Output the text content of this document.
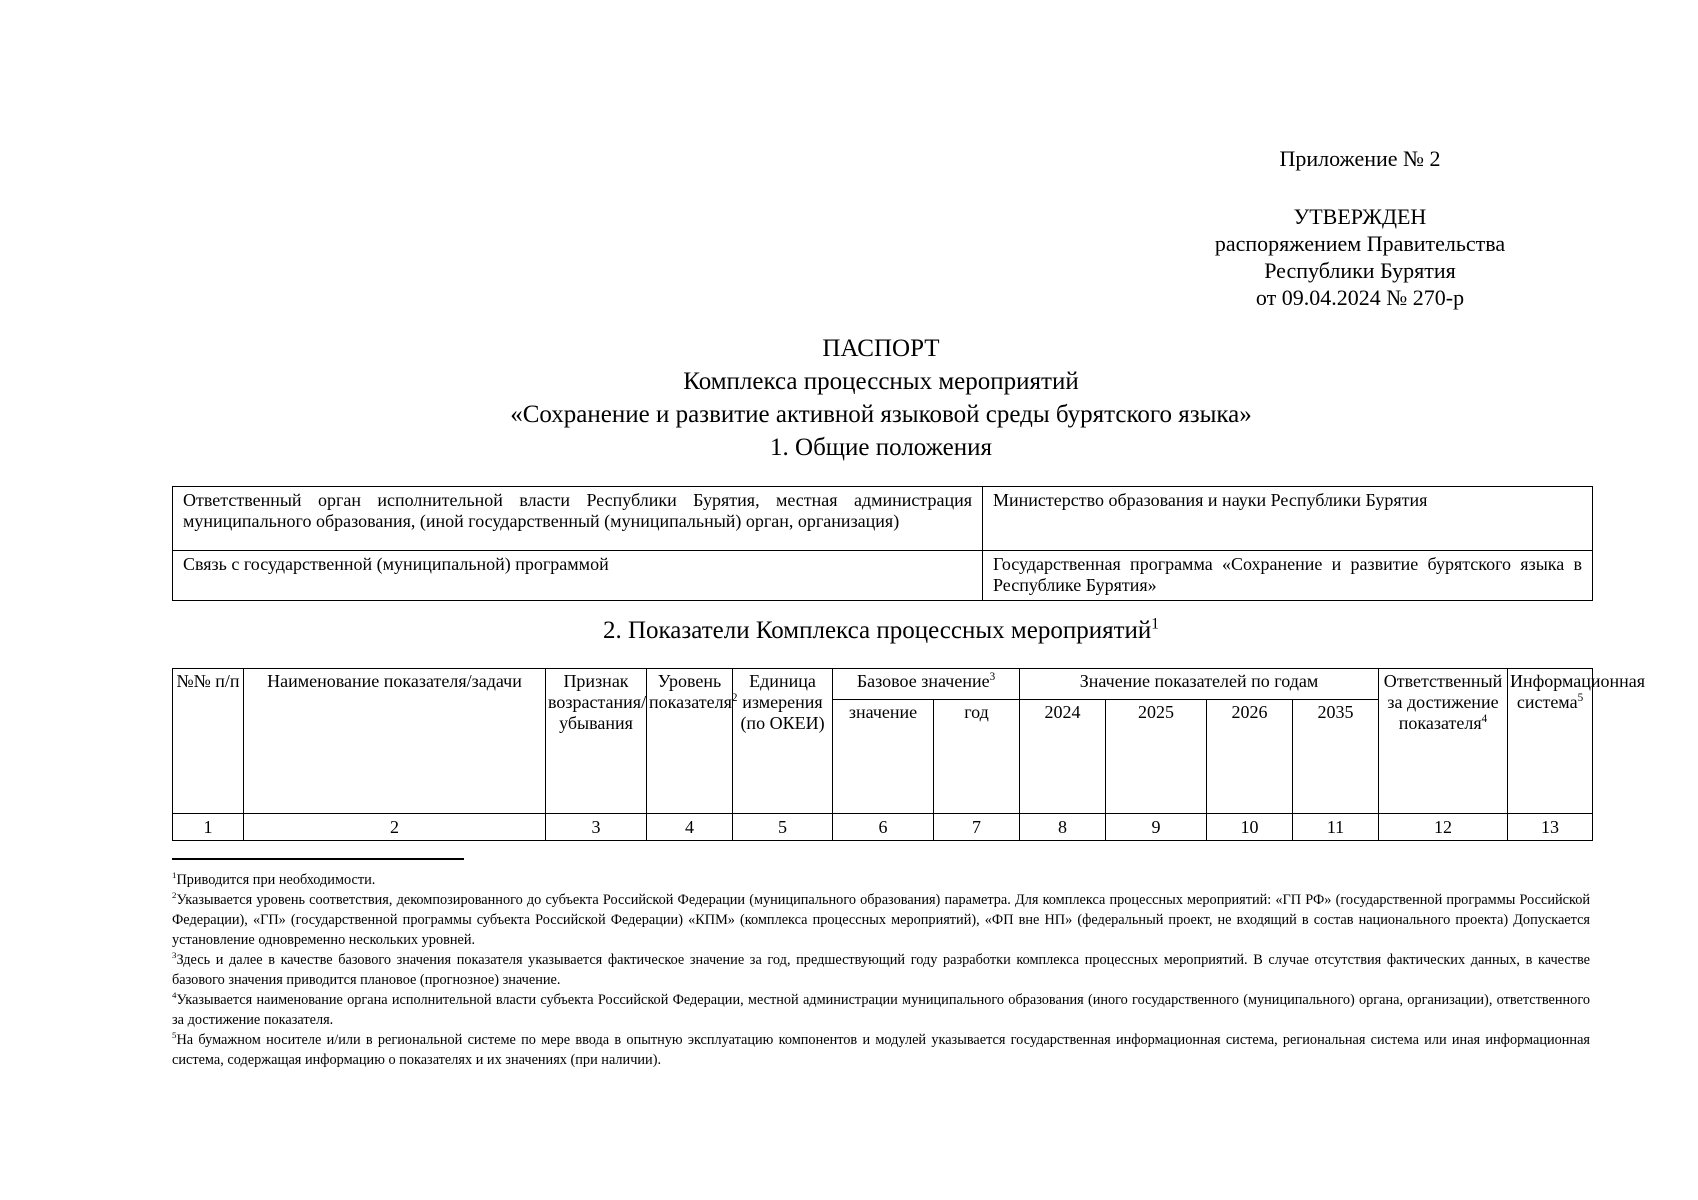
Приложение № 2
УТВЕРЖДЕН
распоряжением Правительства
Республики Бурятия
от 09.04.2024 № 270-р
ПАСПОРТ
Комплекса процессных мероприятий
«Сохранение и развитие активной языковой среды бурятского языка»
1. Общие положения
Ответственный орган исполнительной власти Республики Бурятия, местная администрация муниципального образования, (иной государственный (муниципальный) орган, организация)	Министерство образования и науки Республики Бурятия
Связь с государственной (муниципальной) программой	Государственная программа «Сохранение и развитие бурятского языка в Республике Бурятия»
2. Показатели Комплекса процессных мероприятий$^1$
№№ п/п	Наименование показателя/задачи	Признак возрастания/ убывания	Уровень показателя$^2$	Единица измерения (по ОКЕИ)	Базовое значение$^3$		Значение показателей по годам				Ответственный за достижение показателя$^4$	Информационная система$^5$
					значение	год	2024	2025	2026	2035		
1	2	3	4	5	6	7	8	9	10	11	12	13

$^1$Приводится при необходимости.

$^2$Указывается уровень соответствия, декомпозированного до субъекта Российской Федерации (муниципального образования) параметра. Для комплекса процессных мероприятий: «ГП РФ» (государственной программы Российской Федерации), «ГП» (государственной программы субъекта Российской Федерации) «КПМ» (комплекса процессных мероприятий), «ФП вне НП» (федеральный проект, не входящий в состав национального проекта) Допускается установление одновременно нескольких уровней.

$^3$Здесь и далее в качестве базового значения показателя указывается фактическое значение за год, предшествующий году разработки комплекса процессных мероприятий. В случае отсутствия фактических данных, в качестве базового значения приводится плановое (прогнозное) значение.

$^4$Указывается наименование органа исполнительной власти субъекта Российской Федерации, местной администрации муниципального образования (иного государственного (муниципального) органа, организации), ответственного за достижение показателя.

$^5$На бумажном носителе и/или в региональной системе по мере ввода в опытную эксплуатацию компонентов и модулей указывается государственная информационная система, региональная система или иная информационная система, содержащая информацию о показателях и их значениях (при наличии).
